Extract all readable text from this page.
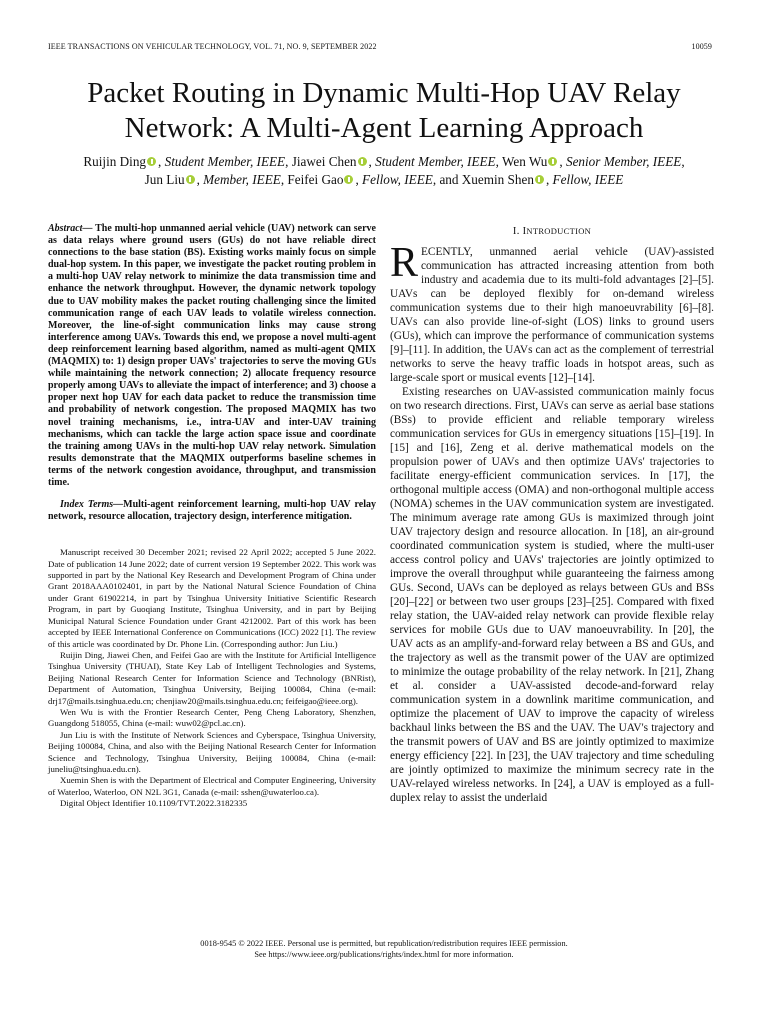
IEEE TRANSACTIONS ON VEHICULAR TECHNOLOGY, VOL. 71, NO. 9, SEPTEMBER 2022	10059
Packet Routing in Dynamic Multi-Hop UAV Relay Network: A Multi-Agent Learning Approach
Ruijin Ding , Student Member, IEEE, Jiawei Chen , Student Member, IEEE, Wen Wu , Senior Member, IEEE,
Jun Liu , Member, IEEE, Feifei Gao , Fellow, IEEE, and Xuemin Shen , Fellow, IEEE
Abstract— The multi-hop unmanned aerial vehicle (UAV) network can serve as data relays where ground users (GUs) do not have reliable direct connections to the base station (BS). Existing works mainly focus on simple dual-hop system. In this paper, we investigate the packet routing problem in a multi-hop UAV relay network to minimize the data transmission time and enhance the network throughput. However, the dynamic network topology due to UAV mobility makes the packet routing challenging since the limited communication range of each UAV leads to volatile wireless connection. Moreover, the line-of-sight communication links may cause strong interference among UAVs. Towards this end, we propose a novel multi-agent deep reinforcement learning based algorithm, named as multi-agent QMIX (MAQMIX) to: 1) design proper UAVs' trajectories to serve the moving GUs while maintaining the network connection; 2) allocate frequency resource properly among UAVs to alleviate the impact of interference; and 3) choose a proper next hop UAV for each data packet to reduce the transmission time and probability of network congestion. The proposed MAQMIX has two novel training mechanisms, i.e., intra-UAV and inter-UAV training mechanisms, which can tackle the large action space issue and coordinate the training among UAVs in the multi-hop UAV relay network. Simulation results demonstrate that the MAQMIX outperforms baseline schemes in terms of the network congestion avoidance, throughput, and transmission time.
Index Terms—Multi-agent reinforcement learning, multi-hop UAV relay network, resource allocation, trajectory design, interference mitigation.

Manuscript received 30 December 2021; revised 22 April 2022; accepted 5 June 2022. Date of publication 14 June 2022; date of current version 19 September 2022. This work was supported in part by the National Key Research and Development Program of China under Grant 2018AAA0102401, in part by the National Natural Science Foundation of China under Grant 61902214, in part by Tsinghua University Initiative Scientific Research Program, in part by Guoqiang Institute, Tsinghua University, and in part by Beijing Municipal Natural Science Foundation under Grant 4212002. Part of this work has been accepted by IEEE International Conference on Communications (ICC) 2022 [1]. The review of this article was coordinated by Dr. Phone Lin. (Corresponding author: Jun Liu.)

Ruijin Ding, Jiawei Chen, and Feifei Gao are with the Institute for Artificial Intelligence Tsinghua University (THUAI), State Key Lab of Intelligent Technologies and Systems, Beijing National Research Center for Information Science and Technology (BNRist), Department of Automation, Tsinghua University, Beijing 100084, China (e-mail: drj17@mails.tsinghua.edu.cn; chenjiaw20@mails.tsinghua.edu.cn; feifeigao@ieee.org).

Wen Wu is with the Frontier Research Center, Peng Cheng Laboratory, Shenzhen, Guangdong 518055, China (e-mail: wuw02@pcl.ac.cn).

Jun Liu is with the Institute of Network Sciences and Cyberspace, Tsinghua University, Beijing 100084, China, and also with the Beijing National Research Center for Information Science and Technology, Tsinghua University, Beijing 100084, China (e-mail: juneliu@tsinghua.edu.cn).

Xuemin Shen is with the Department of Electrical and Computer Engineering, University of Waterloo, Waterloo, ON N2L 3G1, Canada (e-mail: sshen@uwaterloo.ca).

Digital Object Identifier 10.1109/TVT.2022.3182335

I. INTRODUCTION

RECENTLY, unmanned aerial vehicle (UAV)-assisted communication has attracted increasing attention from both industry and academia due to its multi-fold advantages [2]–[5]. UAVs can be deployed flexibly for on-demand wireless communication systems due to their high manoeuvrability [6]–[8]. UAVs can also provide line-of-sight (LOS) links to ground users (GUs), which can improve the performance of communication systems [9]–[11]. In addition, the UAVs can act as the complement of terrestrial networks to serve the heavy traffic loads in hotspot areas, such as large-scale sport or musical events [12]–[14].

Existing researches on UAV-assisted communication mainly focus on two research directions. First, UAVs can serve as aerial base stations (BSs) to provide efficient and reliable temporary wireless communication services for GUs in emergency situations [15]–[19]. In [15] and [16], Zeng et al. derive mathematical models on the propulsion power of UAVs and then optimize UAVs' trajectories to facilitate energy-efficient communication services. In [17], the orthogonal multiple access (OMA) and non-orthogonal multiple access (NOMA) schemes in the UAV communication system are investigated. The minimum average rate among GUs is maximized through joint UAV trajectory design and resource allocation. In [18], an air-ground coordinated communication system is studied, where the multi-user access control policy and UAVs' trajectories are jointly optimized to improve the overall throughput while guaranteeing the fairness among GUs. Second, UAVs can be deployed as relays between GUs and BSs [20]–[22] or between two user groups [23]–[25]. Compared with fixed relay station, the UAV-aided relay network can provide flexible relay services for mobile GUs due to UAV manoeuvrability. In [20], the UAV acts as an amplify-and-forward relay between a BS and GUs, and the trajectory as well as the transmit power of the UAV are optimized to minimize the outage probability of the relay network. In [21], Zhang et al. consider a UAV-assisted decode-and-forward relay communication system in a downlink maritime communication, and optimize the placement of UAV to improve the capacity of wireless backhaul links between the BS and the UAV. The UAV's trajectory and the transmit powers of UAV and BS are jointly optimized to maximize energy efficiency [22]. In [23], the UAV trajectory and time scheduling are jointly optimized to maximize the minimum secrecy rate in the UAV-relayed wireless networks. In [24], a UAV is employed as a full-duplex relay to assist the underlaid

0018-9545 © 2022 IEEE. Personal use is permitted, but republication/redistribution requires IEEE permission.
See https://www.ieee.org/publications/rights/index.html for more information.
